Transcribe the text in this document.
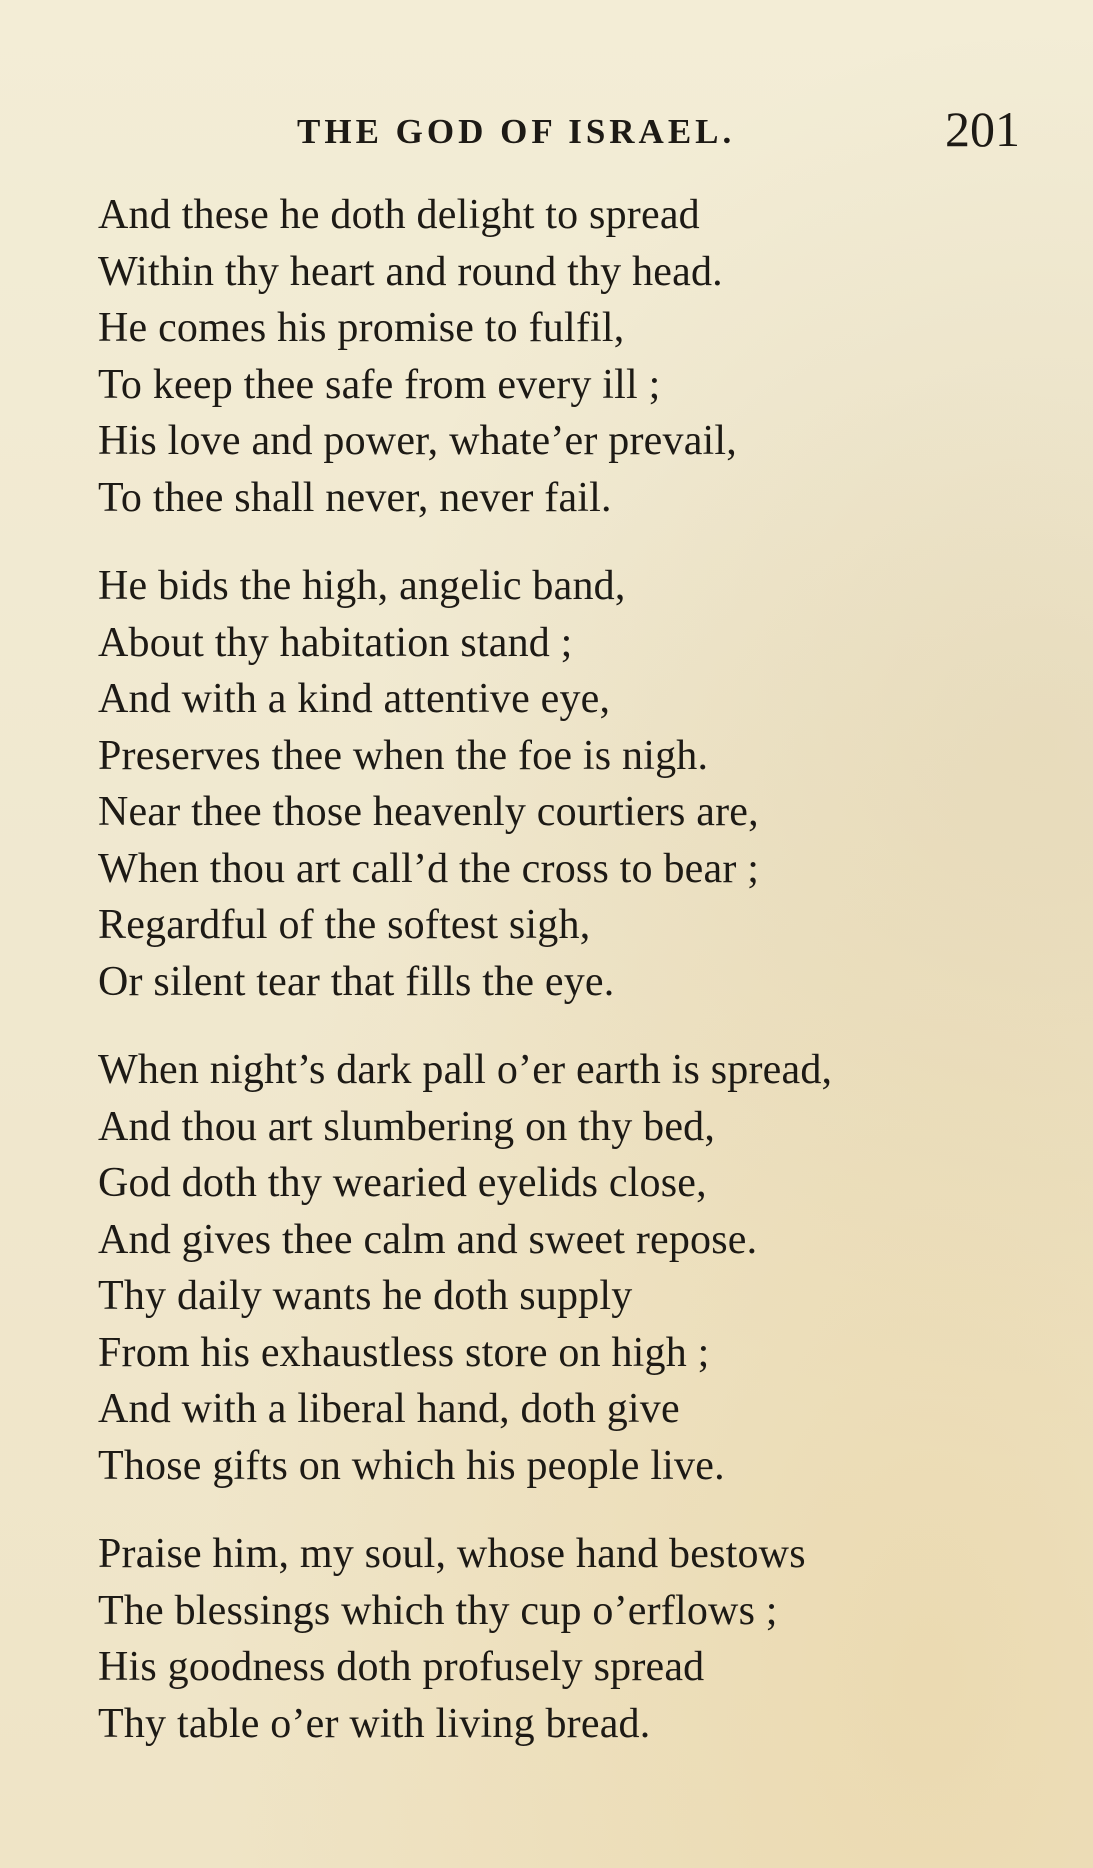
THE GOD OF ISRAEL.	201
And these he doth delight to spread
Within thy heart and round thy head.
He comes his promise to fulfil,
To keep thee safe from every ill ;
His love and power, whate’er prevail,
To thee shall never, never fail.
He bids the high, angelic band,
About thy habitation stand ;
And with a kind attentive eye,
Preserves thee when the foe is nigh.
Near thee those heavenly courtiers are,
When thou art call’d the cross to bear ;
Regardful of the softest sigh,
Or silent tear that fills the eye.
When night’s dark pall o’er earth is spread,
And thou art slumbering on thy bed,
God doth thy wearied eyelids close,
And gives thee calm and sweet repose.
Thy daily wants he doth supply
From his exhaustless store on high ;
And with a liberal hand, doth give
Those gifts on which his people live.
Praise him, my soul, whose hand bestows
The blessings which thy cup o’erflows ;
His goodness doth profusely spread
Thy table o’er with living bread.
